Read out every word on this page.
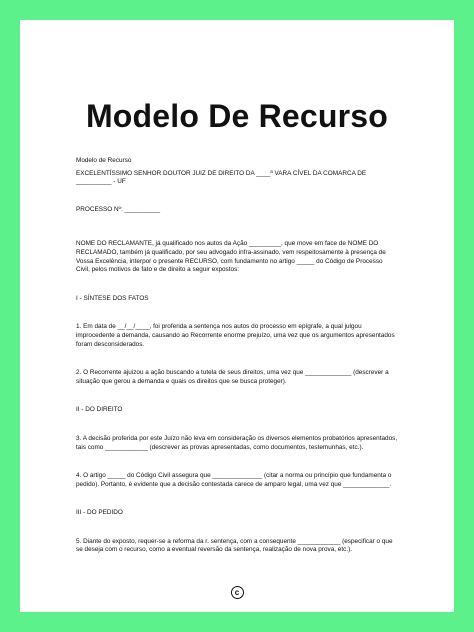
Modelo De Recurso

Modelo de Recurso

EXCELENTÍSSIMO SENHOR DOUTOR JUIZ DE DIREITO DA ____ª VARA CÍVEL DA COMARCA DE __________ - UF

PROCESSO Nº: __________

NOME DO RECLAMANTE, já qualificado nos autos da Ação _________, que move em face de NOME DO RECLAMADO, também já qualificado, por seu advogado infra-assinado, vem respeitosamente à presença de Vossa Excelência, interpor o presente RECURSO, com fundamento no artigo _____ do Código de Processo Civil, pelos motivos de fato e de direito a seguir expostos:

I - SÍNTESE DOS FATOS

1. Em data de __/__/____, foi proferida a sentença nos autos do processo em epígrafe, a qual julgou improcedente a demanda, causando ao Recorrente enorme prejuízo, uma vez que os argumentos apresentados foram desconsiderados.

2. O Recorrente ajuizou a ação buscando a tutela de seus direitos, uma vez que _____________ (descrever a situação que gerou a demanda e quais os direitos que se busca proteger).

II - DO DIREITO

3. A decisão proferida por este Juízo não leva em consideração os diversos elementos probatórios apresentados, tais como ____________ (descrever as provas apresentadas, como documentos, testemunhas, etc.).

4. O artigo _____ do Código Civil assegura que ______________ (citar a norma ou princípio que fundamenta o pedido). Portanto, é evidente que a decisão contestada carece de amparo legal, uma vez que _____________.

III - DO PEDIDO

5. Diante do exposto, requer-se a reforma da r. sentença, com a consequente ____________ (especificar o que se deseja com o recurso, como a eventual reversão da sentença, realização de nova prova, etc.).

c
